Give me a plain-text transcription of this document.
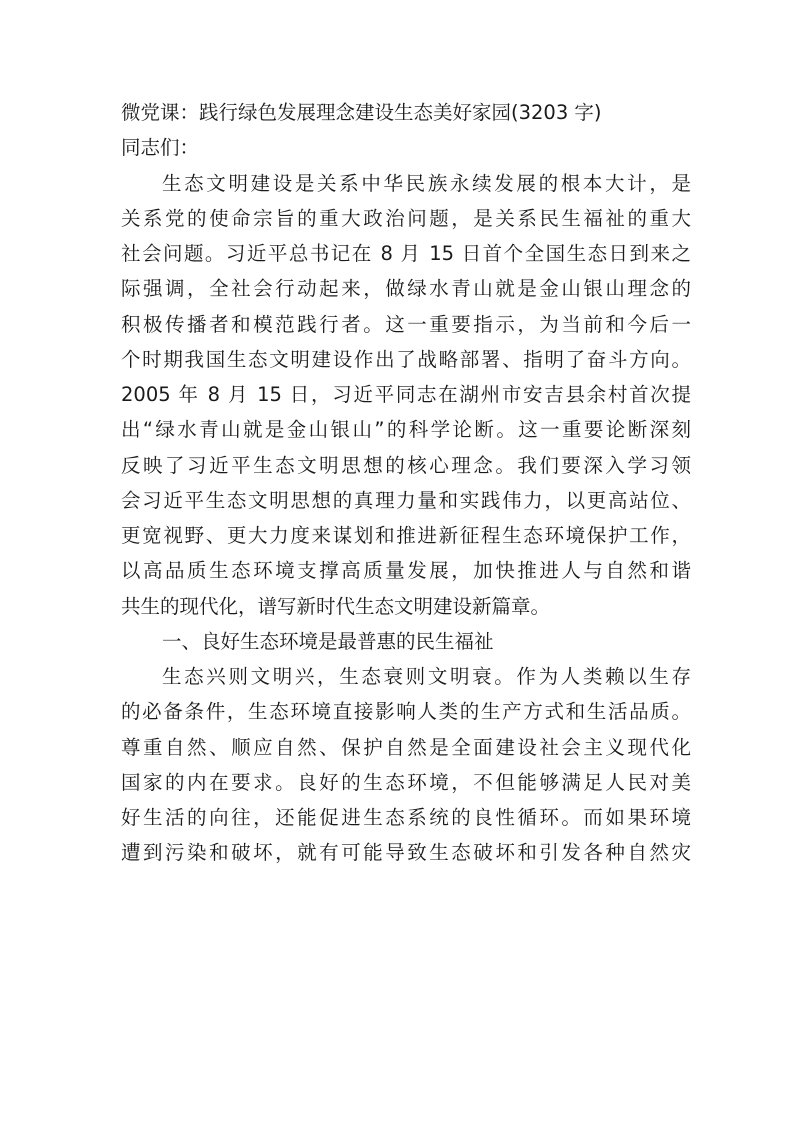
微党课：践行绿色发展理念建设生态美好家园(3203 字)
同志们：
生态文明建设是关系中华民族永续发展的根本大计，是
关系党的使命宗旨的重大政治问题，是关系民生福祉的重大
社会问题。习近平总书记在 8 月 15 日首个全国生态日到来之
际强调，全社会行动起来，做绿水青山就是金山银山理念的
积极传播者和模范践行者。这一重要指示，为当前和今后一
个时期我国生态文明建设作出了战略部署、指明了奋斗方向。
2005 年 8 月 15 日，习近平同志在湖州市安吉县余村首次提
出“绿水青山就是金山银山”的科学论断。这一重要论断深刻
反映了习近平生态文明思想的核心理念。我们要深入学习领
会习近平生态文明思想的真理力量和实践伟力，以更高站位、
更宽视野、更大力度来谋划和推进新征程生态环境保护工作，
以高品质生态环境支撑高质量发展，加快推进人与自然和谐
共生的现代化，谱写新时代生态文明建设新篇章。
一、良好生态环境是最普惠的民生福祉
生态兴则文明兴，生态衰则文明衰。作为人类赖以生存
的必备条件，生态环境直接影响人类的生产方式和生活品质。
尊重自然、顺应自然、保护自然是全面建设社会主义现代化
国家的内在要求。良好的生态环境，不但能够满足人民对美
好生活的向往，还能促进生态系统的良性循环。而如果环境
遭到污染和破坏，就有可能导致生态破坏和引发各种自然灾
